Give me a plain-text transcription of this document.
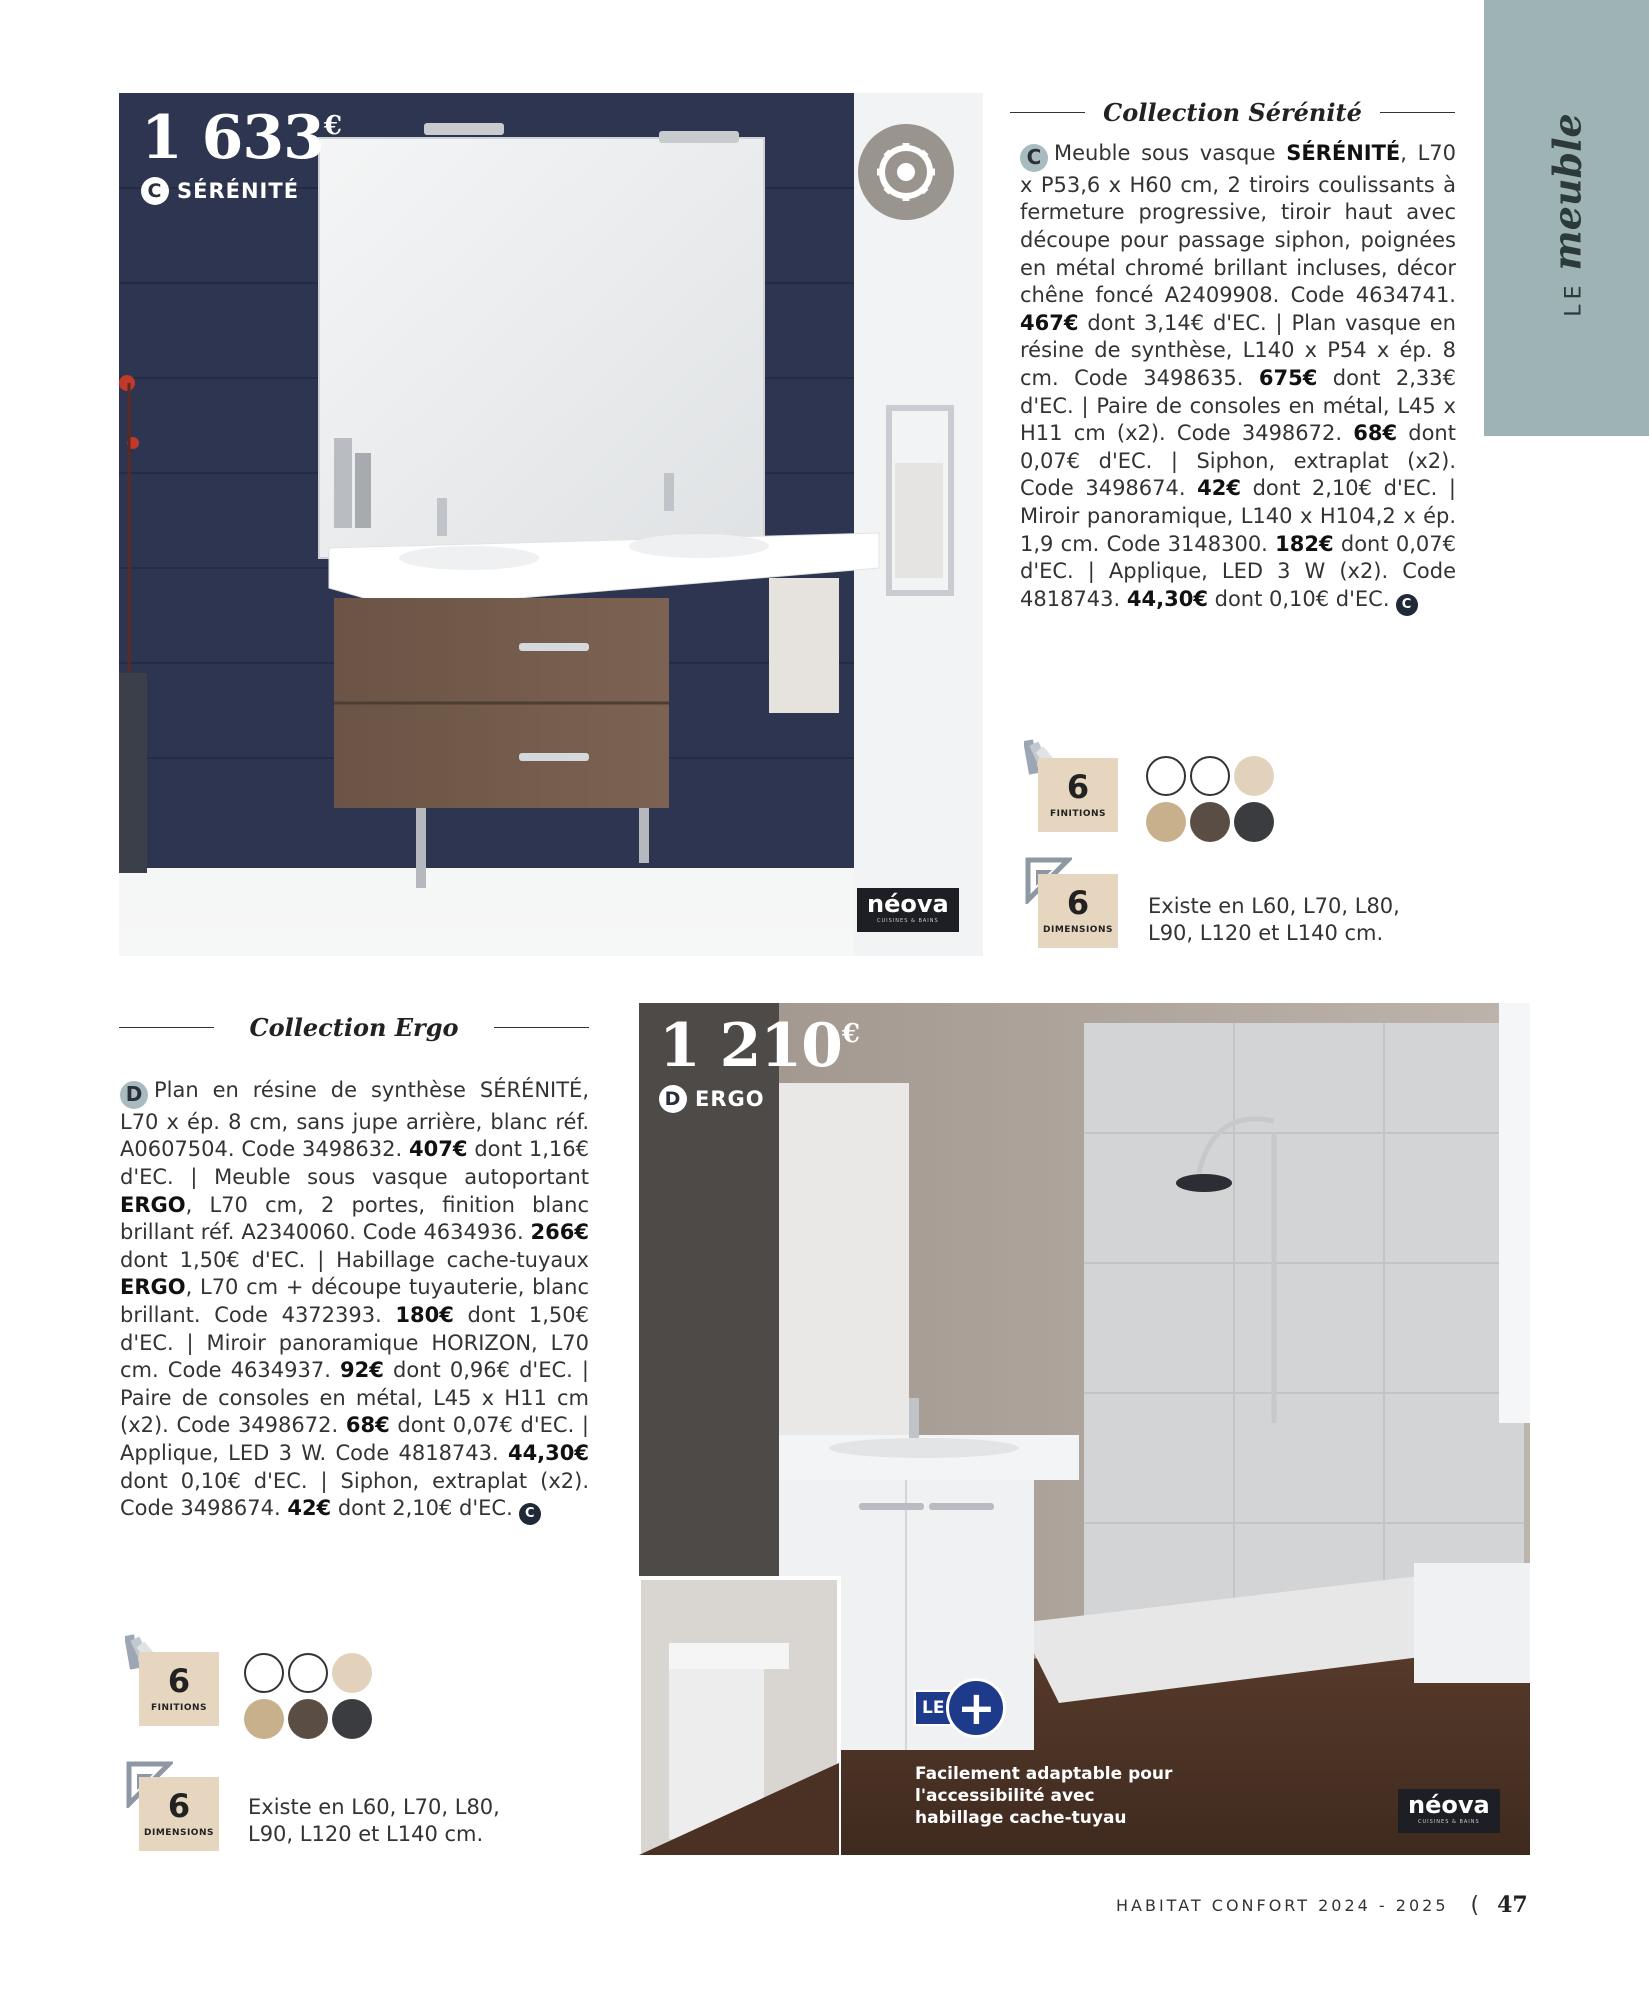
LEmeuble
1 633€
C SÉRÉNITÉ
néova
CUISINES & BAINS
Collection Sérénité
C Meuble sous vasque SÉRÉNITÉ, L70 x P53,6 x H60 cm, 2 tiroirs coulissants à fermeture progressive, tiroir haut avec découpe pour passage siphon, poignées en métal chromé brillant incluses, décor chêne foncé A2409908. Code 4634741. 467€ dont 3,14€ d'EC. | Plan vasque en résine de synthèse, L140 x P54 x ép. 8 cm. Code 3498635. 675€ dont 2,33€ d'EC. | Paire de consoles en métal, L45 x H11 cm (x2). Code 3498672. 68€ dont 0,07€ d'EC. | Siphon, extraplat (x2). Code 3498674. 42€ dont 2,10€ d'EC. | Miroir panoramique, L140 x H104,2 x ép. 1,9 cm. Code 3148300. 182€ dont 0,07€ d'EC. | Applique, LED 3 W (x2). Code 4818743. 44,30€ dont 0,10€ d'EC. C
6
FINITIONS
6
DIMENSIONS
Existe en L60, L70, L80, L90, L120 et L140 cm.
Collection Ergo
D Plan en résine de synthèse SÉRÉNITÉ, L70 x ép. 8 cm, sans jupe arrière, blanc réf. A0607504. Code 3498632. 407€ dont 1,16€ d'EC. | Meuble sous vasque autoportant ERGO, L70 cm, 2 portes, finition blanc brillant réf. A2340060. Code 4634936. 266€ dont 1,50€ d'EC. | Habillage cache-tuyaux ERGO, L70 cm + découpe tuyauterie, blanc brillant. Code 4372393. 180€ dont 1,50€ d'EC. | Miroir panoramique HORIZON, L70 cm. Code 4634937. 92€ dont 0,96€ d'EC. | Paire de consoles en métal, L45 x H11 cm (x2). Code 3498672. 68€ dont 0,07€ d'EC. | Applique, LED 3 W. Code 4818743. 44,30€ dont 0,10€ d'EC. | Siphon, extraplat (x2). Code 3498674. 42€ dont 2,10€ d'EC. C
6
FINITIONS
6
DIMENSIONS
Existe en L60, L70, L80, L90, L120 et L140 cm.
1 210€
D ERGO
LE +
Facilement adaptable pour l'accessibilité avec habillage cache-tuyau	néova
CUISINES & BAINS
HABITAT CONFORT 2024 - 2025 ( 47
